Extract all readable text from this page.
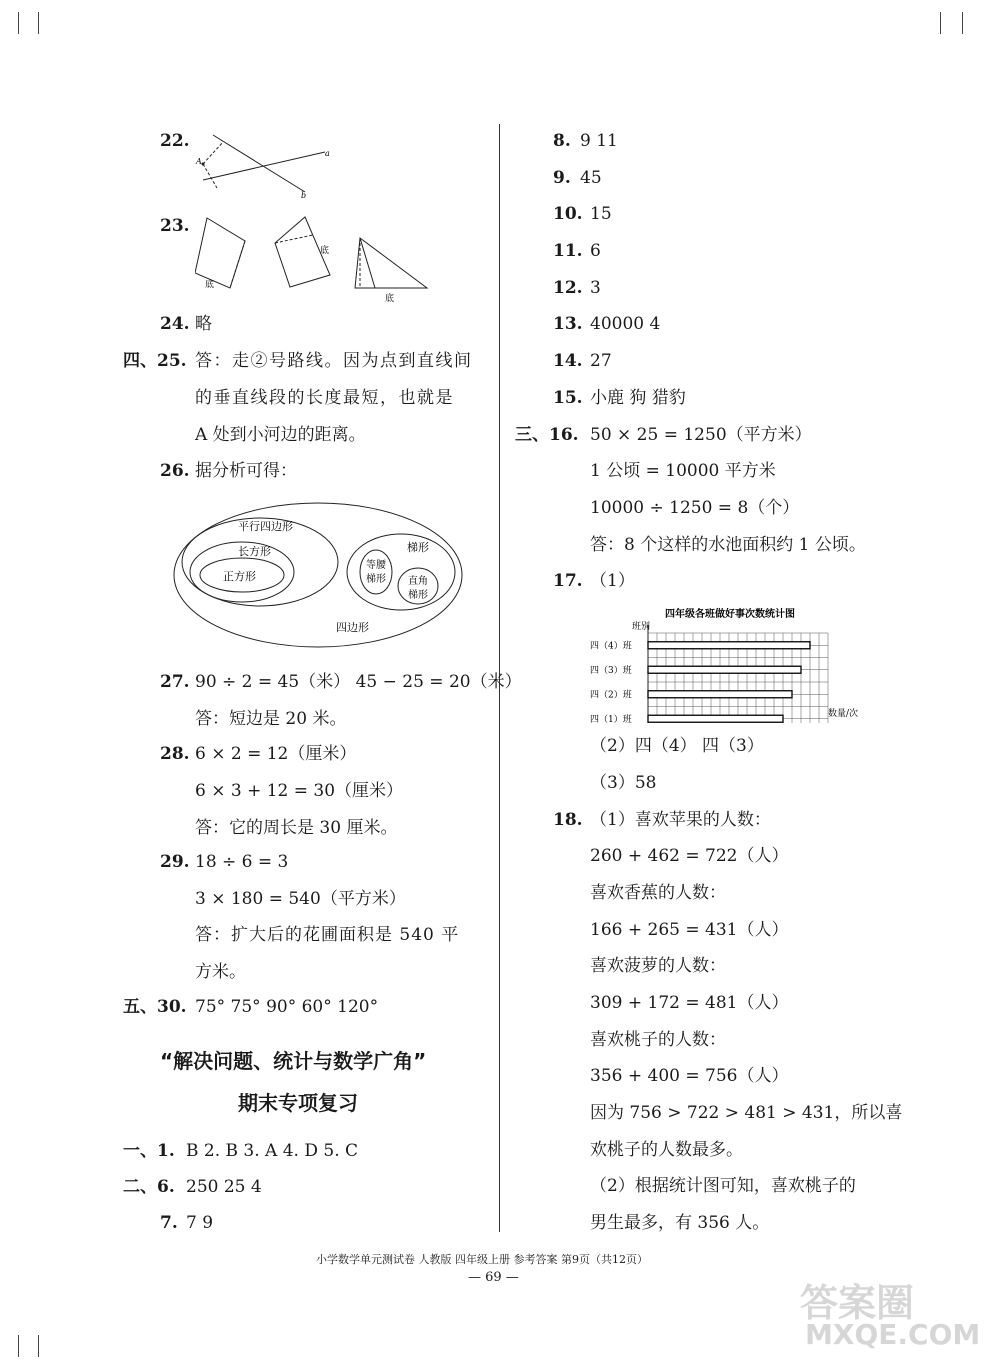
22.
a
b
A
23.
底
底
底
24. 略
四、25. 答：走②号路线。因为点到直线间
的垂直线段的长度最短，也就是
A 处到小河边的距离。
26. 据分析可得：
平行四边形
长方形
正方形
梯形
等腰
梯形 直角
梯形
四边形
27. 90 ÷ 2 = 45（米） 45 − 25 = 20（米）
答：短边是 20 米。
28. 6 × 2 = 12（厘米）
6 × 3 + 12 = 30（厘米）
答：它的周长是 30 厘米。
29. 18 ÷ 6 = 3
3 × 180 = 540（平方米）
答：扩大后的花圃面积是 540 平
方米。
五、30. 75° 75° 90° 60° 120°
“解决问题、统计与数学广角”
期末专项复习
一、1. B 2. B 3. A 4. D 5. C
二、6. 250 25 4
7. 7 9
8. 9 11
9. 45
10. 15
11. 6
12. 3
13. 40000 4
14. 27
15. 小鹿 狗 猎豹
三、16. 50 × 25 = 1250（平方米）
1 公顷 = 10000 平方米
10000 ÷ 1250 = 8（个）
答：8 个这样的水池面积约 1 公顷。
17. （1）
四年级各班做好事次数统计图
班别
四（4）班
四（3）班
四（2）班
四（1）班
数量/次
（2）四（4） 四（3）
（3）58
18. （1）喜欢苹果的人数：
260 + 462 = 722（人）
喜欢香蕉的人数：
166 + 265 = 431（人）
喜欢菠萝的人数：
309 + 172 = 481（人）
喜欢桃子的人数：
356 + 400 = 756（人）
因为 756 > 722 > 481 > 431，所以喜
欢桃子的人数最多。
（2）根据统计图可知，喜欢桃子的
男生最多，有 356 人。
小学数学单元测试卷 人教版 四年级上册 参考答案 第9页（共12页）
— 69 —
答案圈
MXQE.COM
